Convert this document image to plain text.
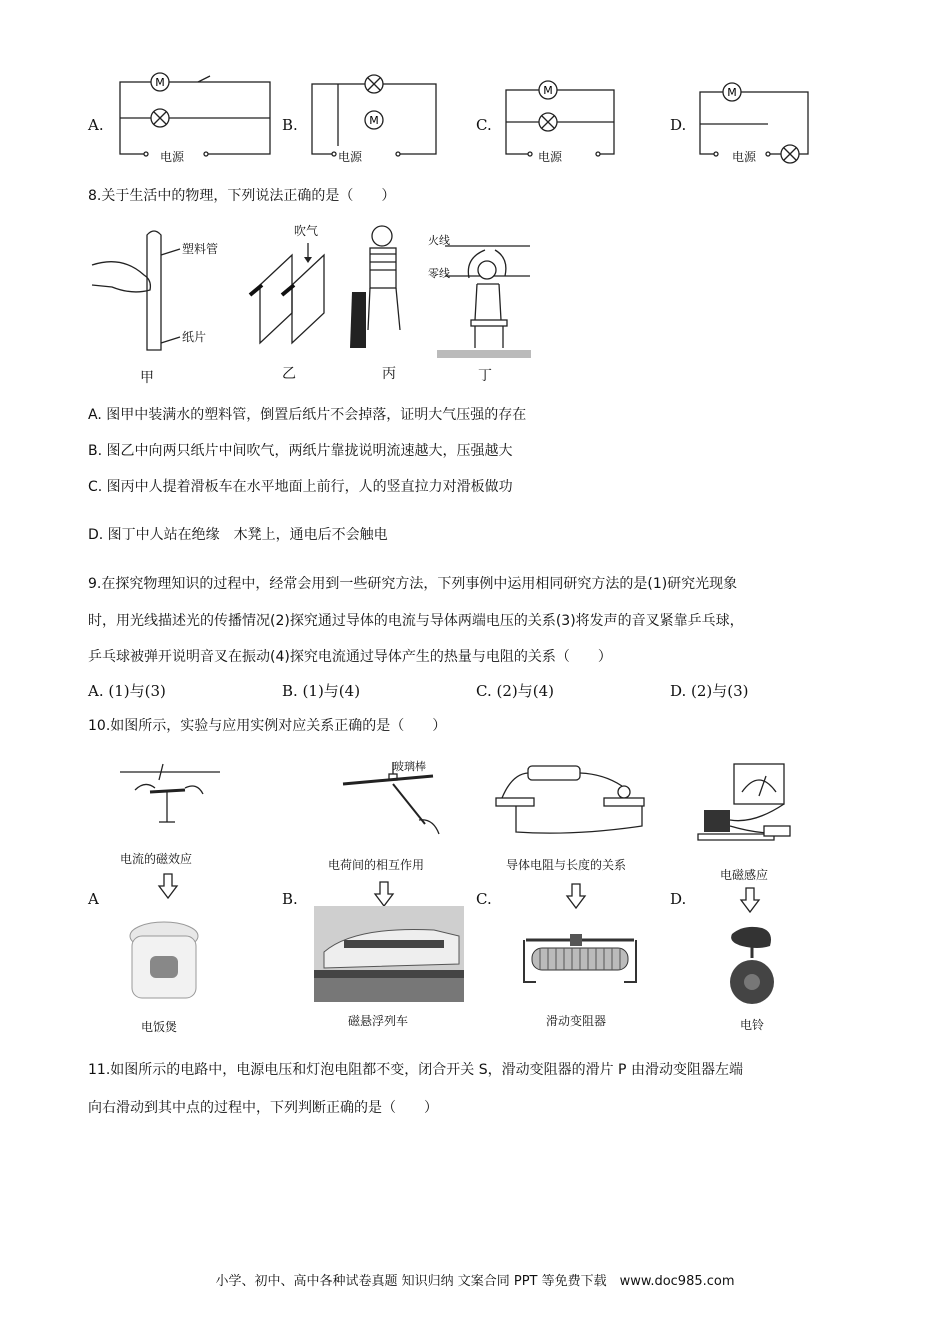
A.
M
电源
B.	M
电源
C.
M
电源
D.
M
电源
8.关于生活中的物理，下列说法正确的是（　　）
塑料管
纸片
甲
吹气
乙	丙
火线
零线
丁
A. 图甲中装满水的塑料管，倒置后纸片不会掉落，证明大气压强的存在
B. 图乙中向两只纸片中间吹气，两纸片靠拢说明流速越大，压强越大
C. 图丙中人提着滑板车在水平地面上前行，人的竖直拉力对滑板做功
D. 图丁中人站在绝缘　木凳上，通电后不会触电
9.在探究物理知识的过程中，经常会用到一些研究方法，下列事例中运用相同研究方法的是(1)研究光现象
时，用光线描述光的传播情况(2)探究通过导体的电流与导体两端电压的关系(3)将发声的音叉紧靠乒乓球，
乒乓球被弹开说明音叉在振动(4)探究电流通过导体产生的热量与电阻的关系（　　）
A. (1)与(3)	B. (1)与(4)	C. (2)与(4)	D. (2)与(3)
10.如图所示，实验与应用实例对应关系正确的是（　　）
电流的磁效应
A
电饭煲
玻璃棒
电荷间的相互作用
B.
磁悬浮列车
导体电阻与长度的关系
C.
滑动变阻器
电磁感应
D.
电铃
11.如图所示的电路中，电源电压和灯泡电阻都不变，闭合开关 S，滑动变阻器的滑片 P 由滑动变阻器左端
向右滑动到其中点的过程中，下列判断正确的是（　　）
小学、初中、高中各种试卷真题 知识归纳 文案合同 PPT 等免费下载　www.doc985.com
